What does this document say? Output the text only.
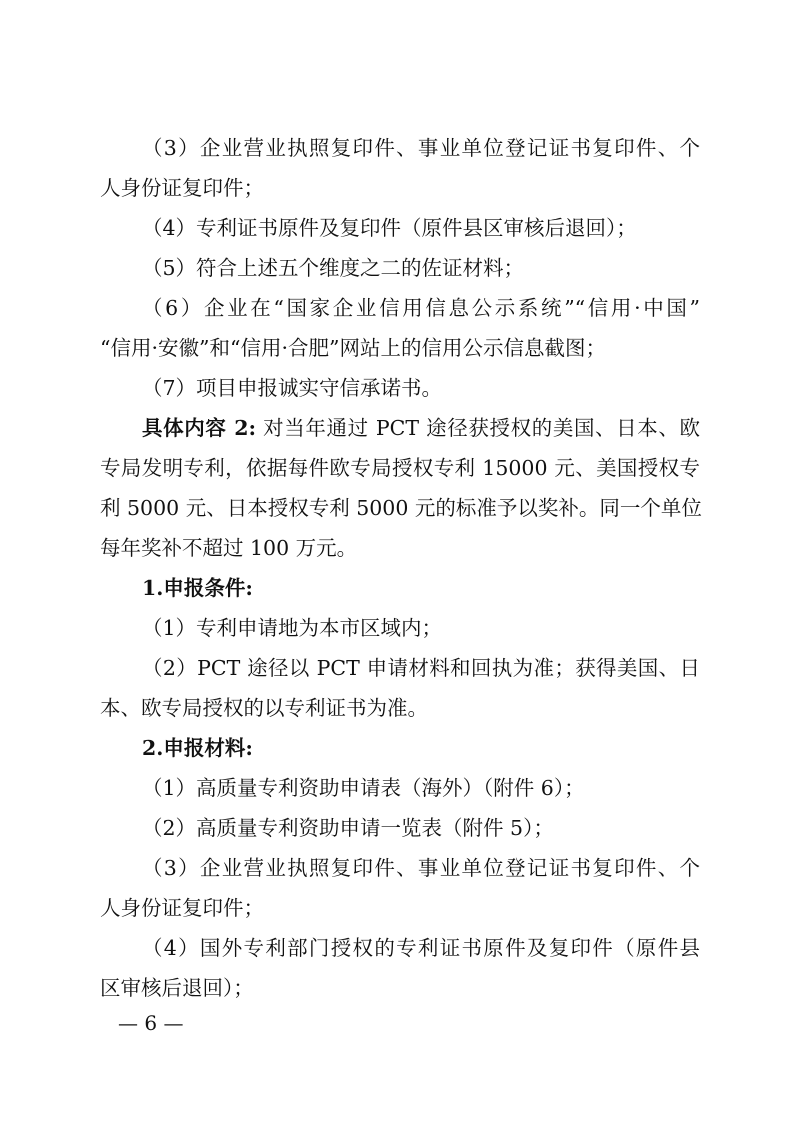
（3）企业营业执照复印件、事业单位登记证书复印件、个

人身份证复印件；

（4）专利证书原件及复印件（原件县区审核后退回）；

（5）符合上述五个维度之二的佐证材料；

（6）企业在“国家企业信用信息公示系统”“信用·中国”

“信用·安徽”和“信用·合肥”网站上的信用公示信息截图；

（7）项目申报诚实守信承诺书。

具体内容 2: 对当年通过 PCT 途径获授权的美国、日本、欧

专局发明专利，依据每件欧专局授权专利 15000 元、美国授权专

利 5000 元、日本授权专利 5000 元的标准予以奖补。同一个单位

每年奖补不超过 100 万元。

1.申报条件:

（1）专利申请地为本市区域内；

（2）PCT 途径以 PCT 申请材料和回执为准；获得美国、日

本、欧专局授权的以专利证书为准。

2.申报材料:

（1）高质量专利资助申请表（海外）（附件 6）；

（2）高质量专利资助申请一览表（附件 5）；

（3）企业营业执照复印件、事业单位登记证书复印件、个

人身份证复印件；

（4）国外专利部门授权的专利证书原件及复印件（原件县

区审核后退回）；

— 6 —
